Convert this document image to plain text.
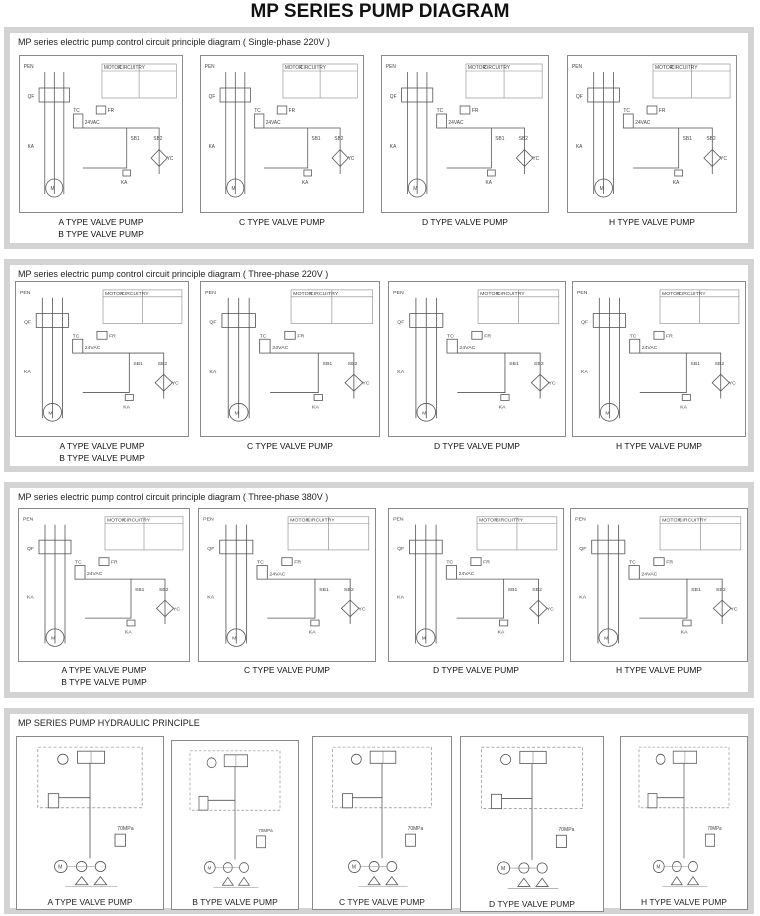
MP SERIES PUMP DIAGRAM
MP series electric pump control circuit principle diagram ( Single-phase 220V )
PEN
QF
M
KA
MOTOR
CIRCUITRY
TC
24VAC
FR
SB1	SB2
YC
KA
A TYPE VALVE PUMP
B TYPE VALVE PUMP
PEN
QF
M
KA
MOTOR
CIRCUITRY
TC
24VAC
FR
SB1	SB2
YC
KA
C TYPE VALVE PUMP
PEN
QF
M
KA
MOTOR
CIRCUITRY
TC
24VAC
FR
SB1	SB2
YC
KA
D TYPE VALVE PUMP
PEN
QF
M
KA
MOTOR
CIRCUITRY
TC
24VAC
FR
SB1	SB2
YC
KA
H TYPE VALVE PUMP
MP series electric pump control circuit principle diagram ( Three-phase 220V )
PEN
QF
M
KA
MOTOR
CIRCUITRY
TC
24VAC
FR
SB1	SB2
YC
KA
A TYPE VALVE PUMP
B TYPE VALVE PUMP
PEN
QF
M
KA
MOTOR
CIRCUITRY
TC
24VAC
FR
SB1	SB2
YC
KA
C TYPE VALVE PUMP
PEN
QF
M
KA
MOTOR
CIRCUITRY
TC
24VAC
FR
SB1	SB2
YC
KA
D TYPE VALVE PUMP
PEN
QF
M
KA
MOTOR
CIRCUITRY
TC
24VAC
FR
SB1	SB2
YC
KA
H TYPE VALVE PUMP
MP series electric pump control circuit principle diagram ( Three-phase 380V )
PEN
QF
M
KA
MOTOR
CIRCUITRY
TC
24VAC
FR
SB1	SB2
YC
KA
A TYPE VALVE PUMP
B TYPE VALVE PUMP
PEN
QF
M
KA
MOTOR
CIRCUITRY
TC
24VAC
FR
SB1	SB2
YC
KA
C TYPE VALVE PUMP
PEN
QF
M
KA
MOTOR
CIRCUITRY
TC
24VAC
FR
SB1	SB2
YC
KA
D TYPE VALVE PUMP
PEN
QF
M
KA
MOTOR
CIRCUITRY
TC
24VAC
FR
SB1	SB2
YC
KA
H TYPE VALVE PUMP
MP SERIES PUMP HYDRAULIC PRINCIPLE
A TYPE VALVE PUMP
70MPa
M
B TYPE VALVE PUMP
70MPa
M
C TYPE VALVE PUMP
70MPa
M
D TYPE VALVE PUMP
70MPa
M
H TYPE VALVE PUMP
70MPa
M
